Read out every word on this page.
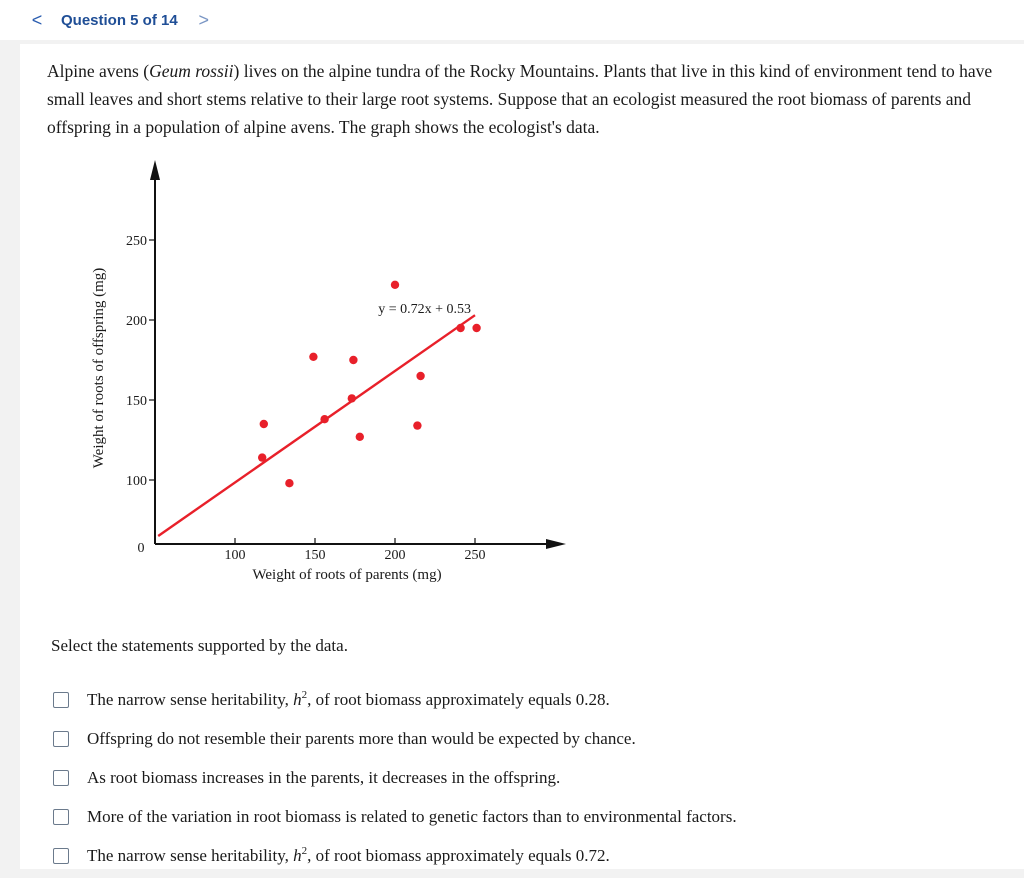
<	Question 5 of 14 >
Alpine avens (Geum rossii) lives on the alpine tundra of the Rocky Mountains. Plants that live in this kind of environment tend to have small leaves and short stems relative to their large root systems. Suppose that an ecologist measured the root biomass of parents and offspring in a population of alpine avens. The graph shows the ecologist's data.
0	100	150	200	250
100
150
200
250
Weight of roots of parents (mg)
Weight of roots of offspring (mg)	y = 0.72x + 0.53
Select the statements supported by the data.
The narrow sense heritability, $h^2$, of root biomass approximately equals 0.28.
Offspring do not resemble their parents more than would be expected by chance.
As root biomass increases in the parents, it decreases in the offspring.
More of the variation in root biomass is related to genetic factors than to environmental factors.
The narrow sense heritability, $h^2$, of root biomass approximately equals 0.72.
